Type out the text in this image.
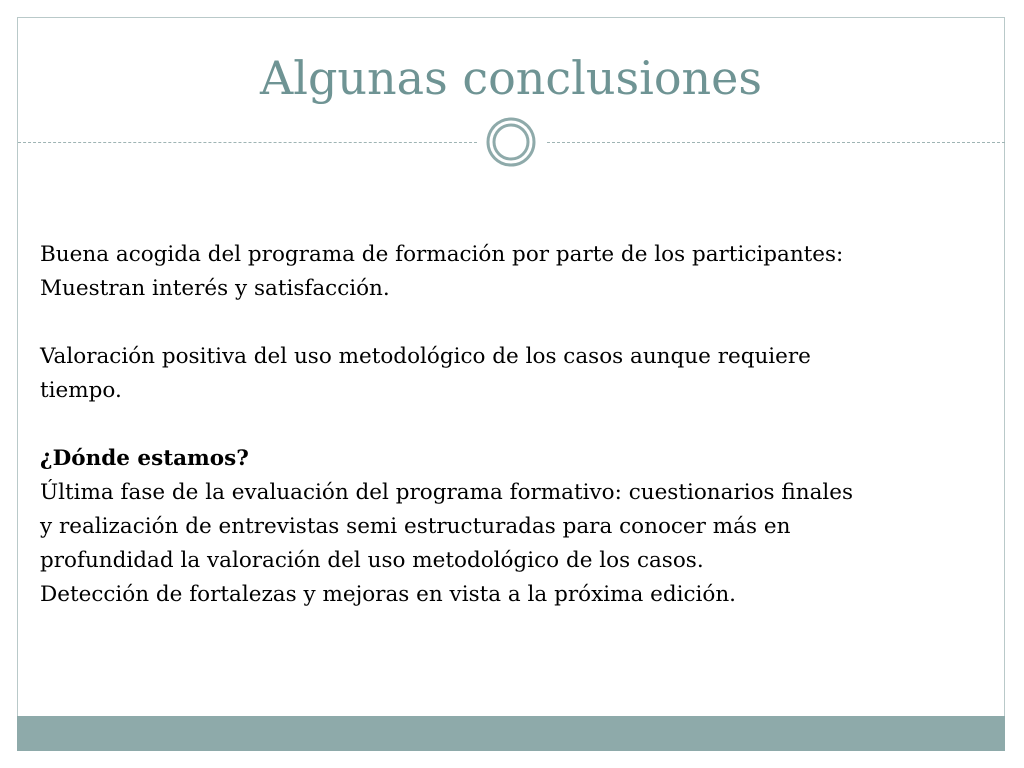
Algunas conclusiones

Buena acogida del programa de formación por parte de los participantes:

Muestran interés y satisfacción.

Valoración positiva del uso metodológico de los casos aunque requiere

tiempo.

¿Dónde estamos?

Última fase de la evaluación del programa formativo: cuestionarios finales

y realización de entrevistas semi estructuradas para conocer más en

profundidad la valoración del uso metodológico de los casos.

Detección de fortalezas y mejoras en vista a la próxima edición.
